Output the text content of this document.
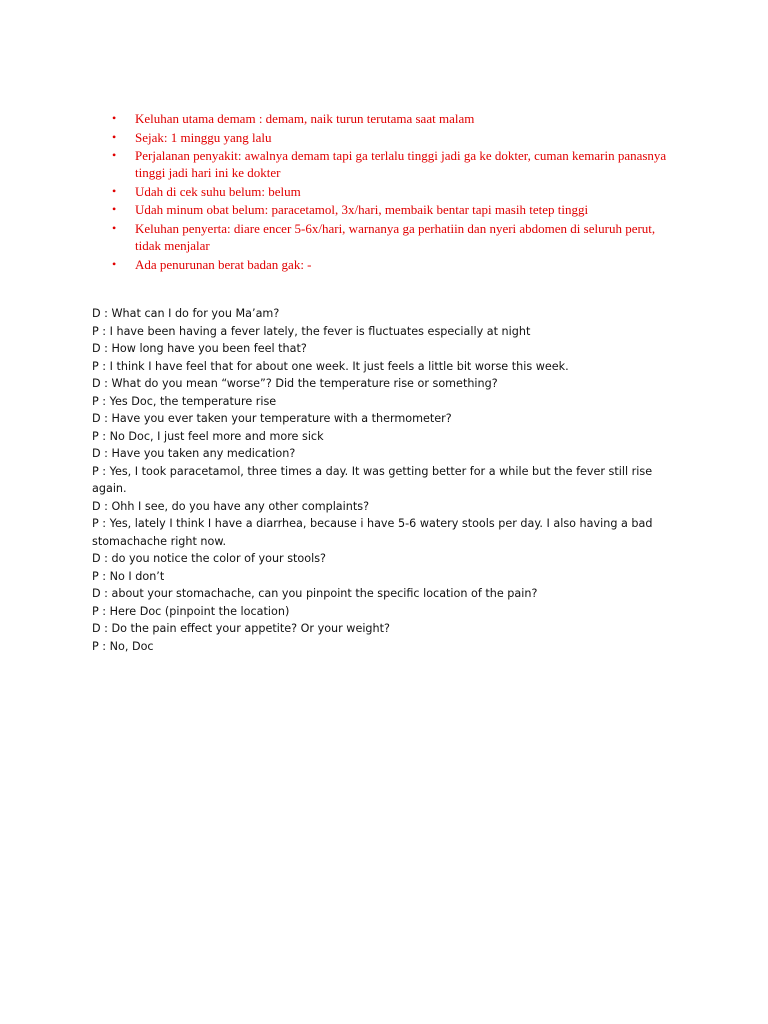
• Keluhan utama demam : demam, naik turun terutama saat malam
• Sejak: 1 minggu yang lalu
• Perjalanan penyakit: awalnya demam tapi ga terlalu tinggi jadi ga ke dokter, cuman kemarin panasnya tinggi jadi hari ini ke dokter
• Udah di cek suhu belum: belum
• Udah minum obat belum: paracetamol, 3x/hari, membaik bentar tapi masih tetep tinggi
• Keluhan penyerta: diare encer 5-6x/hari, warnanya ga perhatiin dan nyeri abdomen di seluruh perut, tidak menjalar
• Ada penurunan berat badan gak: -

D : What can I do for you Ma’am?

P : I have been having a fever lately, the fever is fluctuates especially at night

D : How long have you been feel that?

P : I think I have feel that for about one week. It just feels a little bit worse this week.

D : What do you mean “worse”? Did the temperature rise or something?

P : Yes Doc, the temperature rise

D : Have you ever taken your temperature with a thermometer?

P : No Doc, I just feel more and more sick

D : Have you taken any medication?

P : Yes, I took paracetamol, three times a day. It was getting better for a while but the fever still rise again.

D : Ohh I see, do you have any other complaints?

P : Yes, lately I think I have a diarrhea, because i have 5-6 watery stools per day. I also having a bad stomachache right now.

D : do you notice the color of your stools?

P : No I don’t

D : about your stomachache, can you pinpoint the specific location of the pain?

P : Here Doc (pinpoint the location)

D : Do the pain effect your appetite? Or your weight?

P : No, Doc
